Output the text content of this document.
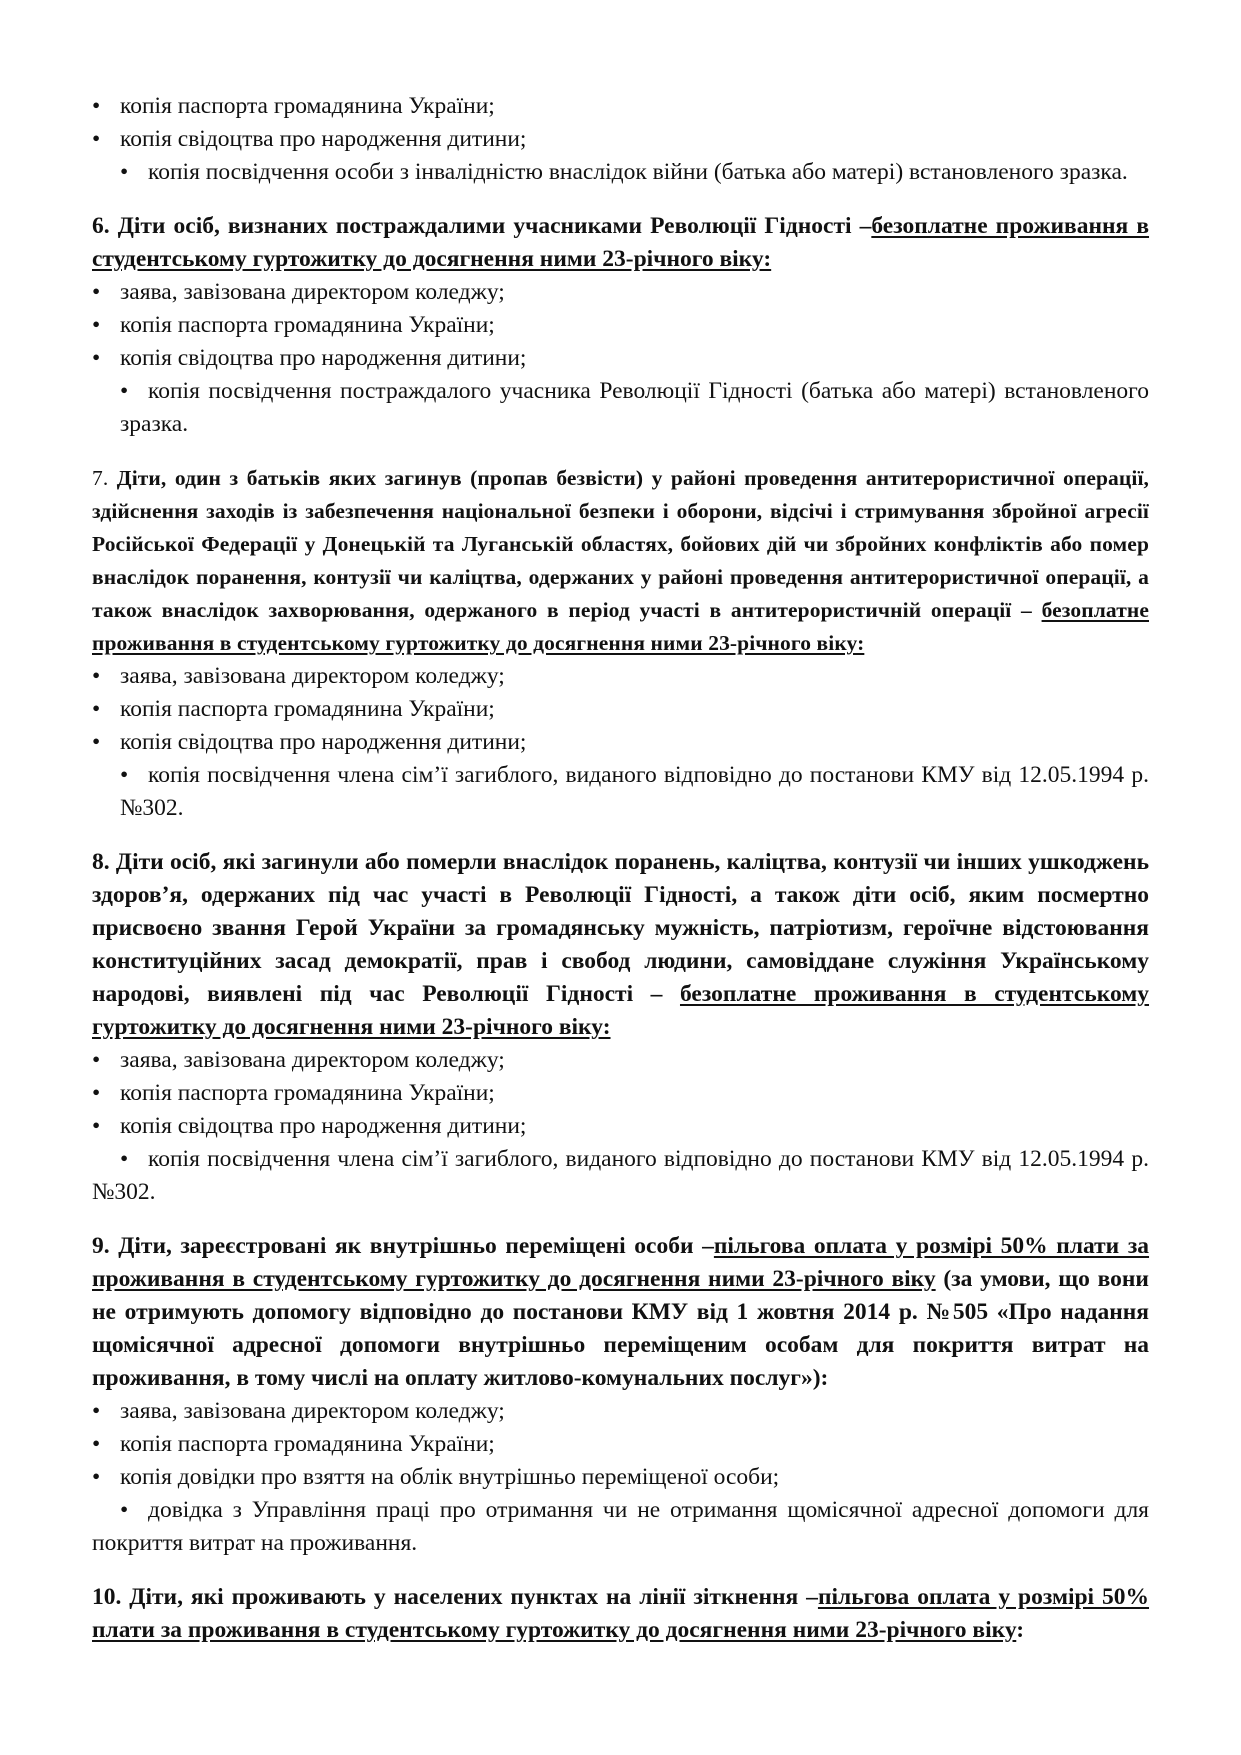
• копія паспорта громадянина України;
• копія свідоцтва про народження дитини;
• копія посвідчення особи з інвалідністю внаслідок війни (батька або матері) встановленого зразка.
6. Діти осіб, визнаних постраждалими учасниками Революції Гідності –безоплатне проживання в студентському гуртожитку до досягнення ними 23-річного віку:
• заява, завізована директором коледжу;
• копія паспорта громадянина України;
• копія свідоцтва про народження дитини;
• копія посвідчення постраждалого учасника Революції Гідності (батька або матері) встановленого зразка.
7. Діти, один з батьків яких загинув (пропав безвісти) у районі проведення антитерористичної операції, здійснення заходів із забезпечення національної безпеки і оборони, відсічі і стримування збройної агресії Російської Федерації у Донецькій та Луганській областях, бойових дій чи збройних конфліктів або помер внаслідок поранення, контузії чи каліцтва, одержаних у районі проведення антитерористичної операції, а також внаслідок захворювання, одержаного в період участі в антитерористичній операції – безоплатне проживання в студентському гуртожитку до досягнення ними 23-річного віку:
• заява, завізована директором коледжу;
• копія паспорта громадянина України;
• копія свідоцтва про народження дитини;
• копія посвідчення члена сім’ї загиблого, виданого відповідно до постанови КМУ від 12.05.1994 р. №302.
8. Діти осіб, які загинули або померли внаслідок поранень, каліцтва, контузії чи інших ушкоджень здоров’я, одержаних під час участі в Революції Гідності, а також діти осіб, яким посмертно присвоєно звання Герой України за громадянську мужність, патріотизм, героїчне відстоювання конституційних засад демократії, прав і свобод людини, самовіддане служіння Українському народові, виявлені під час Революції Гідності – безоплатне проживання в студентському гуртожитку до досягнення ними 23-річного віку:
• заява, завізована директором коледжу;
• копія паспорта громадянина України;
• копія свідоцтва про народження дитини;
• копія посвідчення члена сім’ї загиблого, виданого відповідно до постанови КМУ від 12.05.1994 р. №302.
9. Діти, зареєстровані як внутрішньо переміщені особи –пільгова оплата у розмірі 50% плати за проживання в студентському гуртожитку до досягнення ними 23-річного віку (за умови, що вони не отримують допомогу відповідно до постанови КМУ від 1 жовтня 2014 р. №505 «Про надання щомісячної адресної допомоги внутрішньо переміщеним особам для покриття витрат на проживання, в тому числі на оплату житлово-комунальних послуг»):
• заява, завізована директором коледжу;
• копія паспорта громадянина України;
• копія довідки про взяття на облік внутрішньо переміщеної особи;
• довідка з Управління праці про отримання чи не отримання щомісячної адресної допомоги для покриття витрат на проживання.
10. Діти, які проживають у населених пунктах на лінії зіткнення –пільгова оплата у розмірі 50% плати за проживання в студентському гуртожитку до досягнення ними 23-річного віку:
